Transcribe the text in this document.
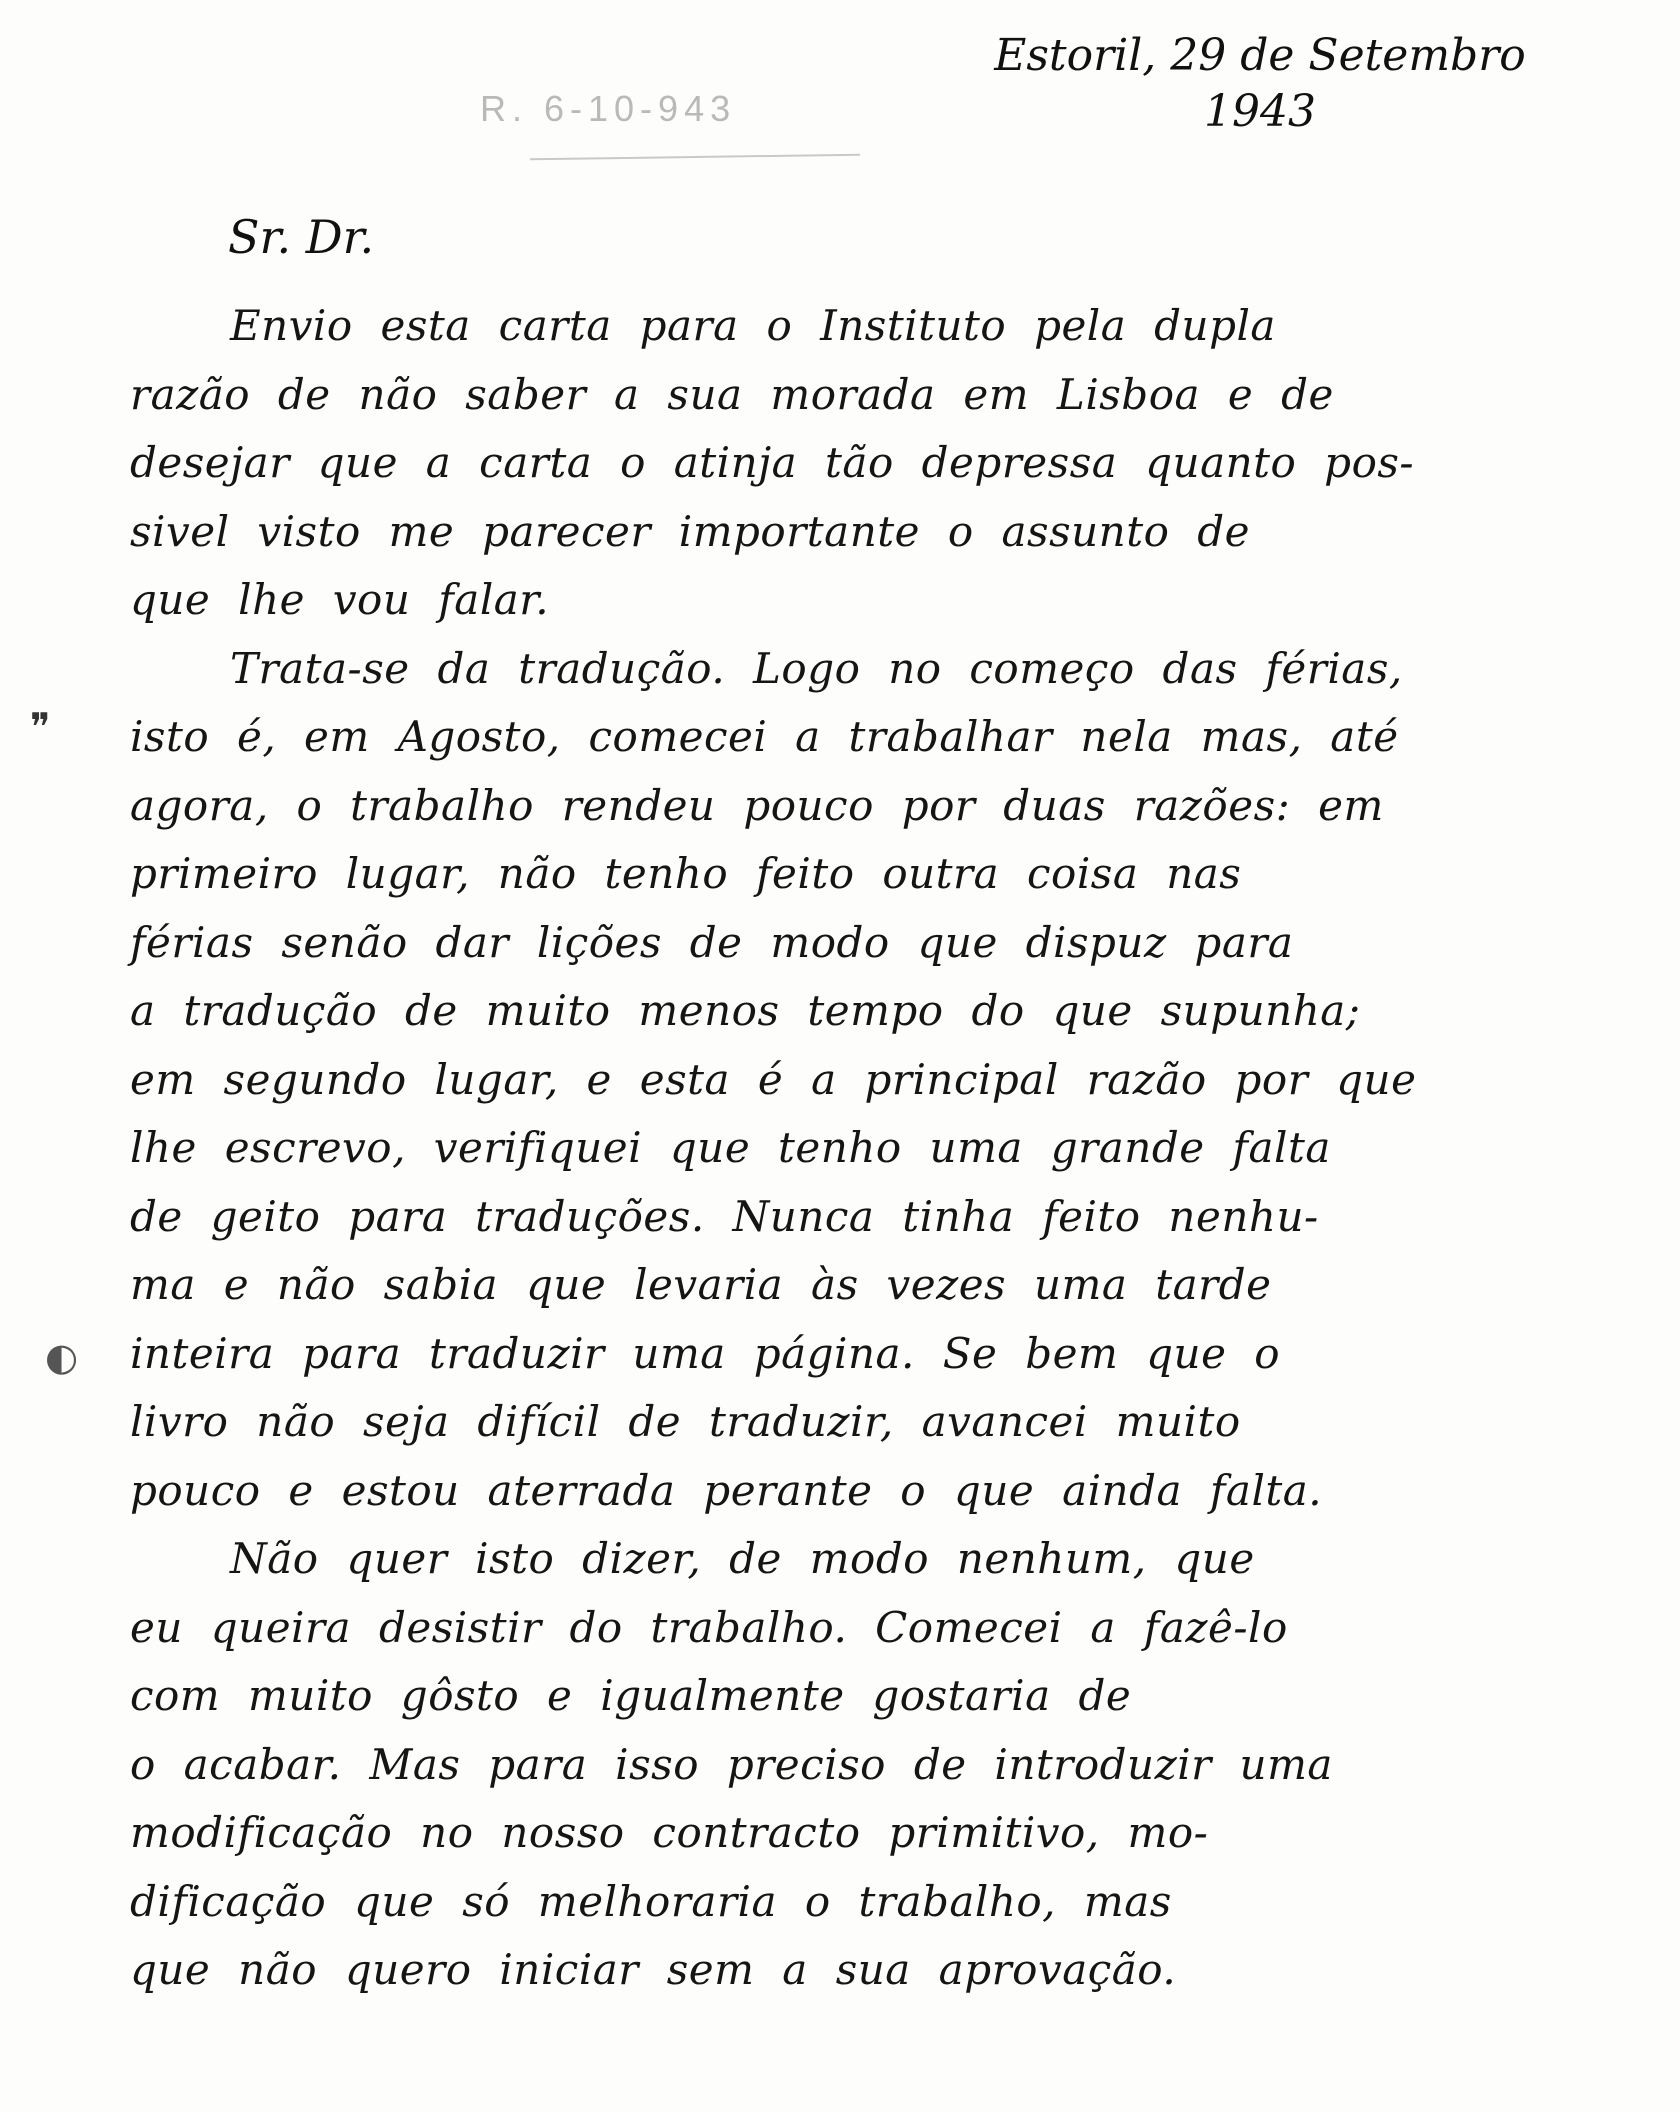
R. 6-10-943
Estoril, 29 de Setembro
1943
Sr. Dr.
Envio esta carta para o Instituto pela dupla
razão de não saber a sua morada em Lisboa e de
desejar que a carta o atinja tão depressa quanto pos-
sivel visto me parecer importante o assunto de
que lhe vou falar.
Trata-se da tradução. Logo no começo das férias,
isto é, em Agosto, comecei a trabalhar nela mas, até
agora, o trabalho rendeu pouco por duas razões: em
primeiro lugar, não tenho feito outra coisa nas
férias senão dar lições de modo que dispuz para
a tradução de muito menos tempo do que supunha;
em segundo lugar, e esta é a principal razão por que
lhe escrevo, verifiquei que tenho uma grande falta
de geito para traduções. Nunca tinha feito nenhu-
ma e não sabia que levaria às vezes uma tarde
inteira para traduzir uma página. Se bem que o
livro não seja difícil de traduzir, avancei muito
pouco e estou aterrada perante o que ainda falta.
Não quer isto dizer, de modo nenhum, que
eu queira desistir do trabalho. Comecei a fazê-lo
com muito gôsto e igualmente gostaria de
o acabar. Mas para isso preciso de introduzir uma
modificação no nosso contracto primitivo, mo-
dificação que só melhoraria o trabalho, mas
que não quero iniciar sem a sua aprovação.
❞
◐
